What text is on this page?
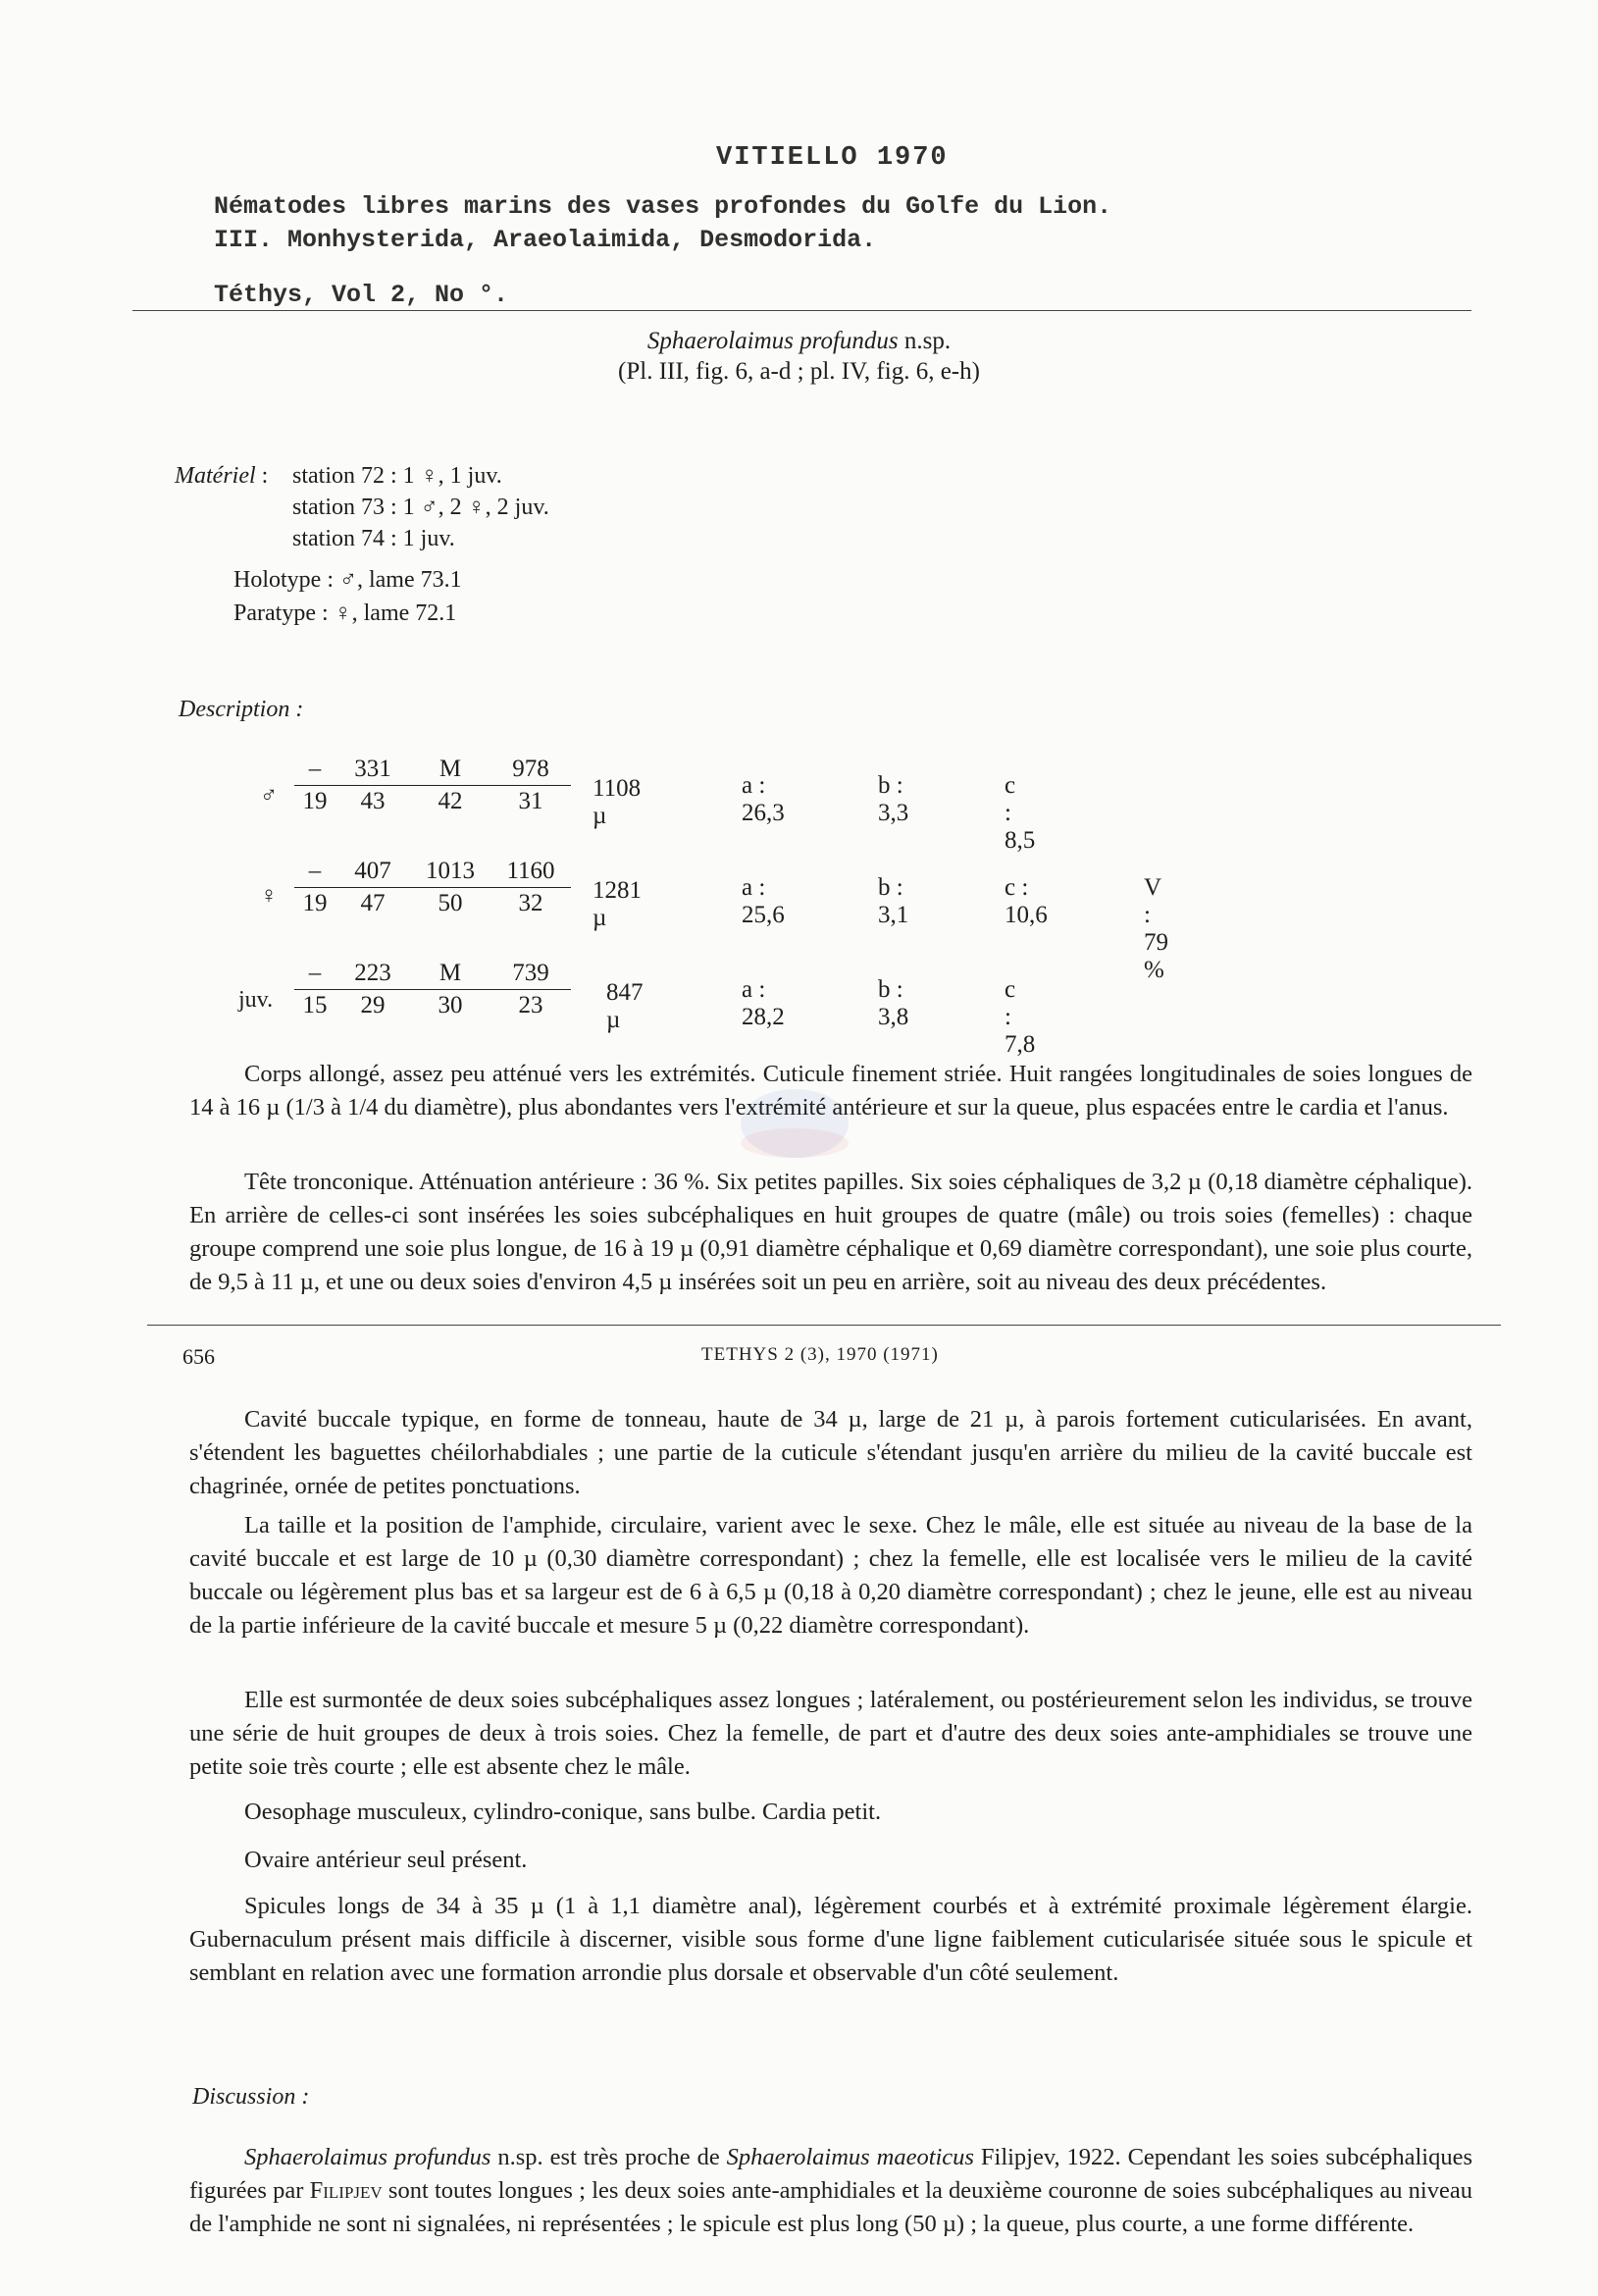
VITIELLO 1970
Nématodes libres marins des vases profondes du Golfe du Lion.
III. Monhysterida, Araeolaimida, Desmodorida.
Téthys, Vol 2, No °.
Sphaerolaimus profundus n.sp.
(Pl. III, fig. 6, a-d ; pl. IV, fig. 6, e-h)
Matériel : station 72 : 1 ♀, 1 juv.
station 73 : 1 ♂, 2 ♀, 2 juv.
station 74 : 1 juv.
Holotype : ♂, lame 73.1
Paratype : ♀, lame 72.1
Description :
♂
–	331	M	978
19	43	42	31	1108 µ
a : 26,3
b : 3,3
c : 8,5
♀
–	407	1013	1160
19	47	50	32	1281 µ
a : 25,6
b : 3,1
c : 10,6
V : 79 %
juv.
–	223	M	739
15	29	30	23	847 µ
a : 28,2
b : 3,8
c : 7,8
Corps allongé, assez peu atténué vers les extrémités. Cuticule finement striée. Huit rangées longitudinales de soies longues de 14 à 16 µ (1/3 à 1/4 du diamètre), plus abondantes vers l'extrémité antérieure et sur la queue, plus espacées entre le cardia et l'anus.
Tête tronconique. Atténuation antérieure : 36 %. Six petites papilles. Six soies céphaliques de 3,2 µ (0,18 diamètre céphalique). En arrière de celles-ci sont insérées les soies subcéphaliques en huit groupes de quatre (mâle) ou trois soies (femelles) : chaque groupe comprend une soie plus longue, de 16 à 19 µ (0,91 diamètre céphalique et 0,69 diamètre correspondant), une soie plus courte, de 9,5 à 11 µ, et une ou deux soies d'environ 4,5 µ insérées soit un peu en arrière, soit au niveau des deux précédentes.
656	TETHYS 2 (3), 1970 (1971)
Cavité buccale typique, en forme de tonneau, haute de 34 µ, large de 21 µ, à parois fortement cuticularisées. En avant, s'étendent les baguettes chéilorhabdiales ; une partie de la cuticule s'étendant jusqu'en arrière du milieu de la cavité buccale est chagrinée, ornée de petites ponctuations.
La taille et la position de l'amphide, circulaire, varient avec le sexe. Chez le mâle, elle est située au niveau de la base de la cavité buccale et est large de 10 µ (0,30 diamètre correspondant) ; chez la femelle, elle est localisée vers le milieu de la cavité buccale ou légèrement plus bas et sa largeur est de 6 à 6,5 µ (0,18 à 0,20 diamètre correspondant) ; chez le jeune, elle est au niveau de la partie inférieure de la cavité buccale et mesure 5 µ (0,22 diamètre correspondant).
Elle est surmontée de deux soies subcéphaliques assez longues ; latéralement, ou postérieurement selon les individus, se trouve une série de huit groupes de deux à trois soies. Chez la femelle, de part et d'autre des deux soies ante-amphidiales se trouve une petite soie très courte ; elle est absente chez le mâle.
Oesophage musculeux, cylindro-conique, sans bulbe. Cardia petit.
Ovaire antérieur seul présent.
Spicules longs de 34 à 35 µ (1 à 1,1 diamètre anal), légèrement courbés et à extrémité proximale légèrement élargie. Gubernaculum présent mais difficile à discerner, visible sous forme d'une ligne faiblement cuticularisée située sous le spicule et semblant en relation avec une formation arrondie plus dorsale et observable d'un côté seulement.
Discussion :
Sphaerolaimus profundus n.sp. est très proche de Sphaerolaimus maeoticus Filipjev, 1922. Cependant les soies subcéphaliques figurées par Filipjev sont toutes longues ; les deux soies ante-amphidiales et la deuxième couronne de soies subcéphaliques au niveau de l'amphide ne sont ni signalées, ni représentées ; le spicule est plus long (50 µ) ; la queue, plus courte, a une forme différente.
